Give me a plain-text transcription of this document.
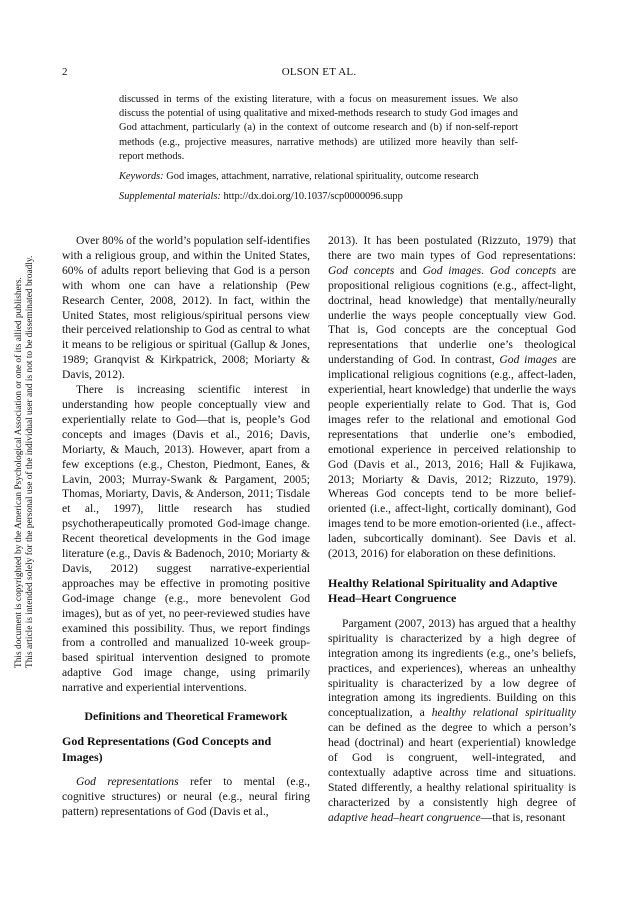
2	OLSON ET AL.
This document is copyrighted by the American Psychological Association or one of its allied publishers. This article is intended solely for the personal use of the individual user and is not to be disseminated broadly.

discussed in terms of the existing literature, with a focus on measurement issues. We also discuss the potential of using qualitative and mixed-methods research to study God images and God attachment, particularly (a) in the context of outcome research and (b) if non-self-report methods (e.g., projective measures, narrative methods) are utilized more heavily than self-report methods.

Keywords: God images, attachment, narrative, relational spirituality, outcome research

Supplemental materials: http://dx.doi.org/10.1037/scp0000096.supp

Over 80% of the world’s population self-identifies with a religious group, and within the United States, 60% of adults report believing that God is a person with whom one can have a relationship (Pew Research Center, 2008, 2012). In fact, within the United States, most religious/spiritual persons view their perceived relationship to God as central to what it means to be religious or spiritual (Gallup & Jones, 1989; Granqvist & Kirkpatrick, 2008; Moriarty & Davis, 2012).

There is increasing scientific interest in understanding how people conceptually view and experientially relate to God—that is, people’s God concepts and images (Davis et al., 2016; Davis, Moriarty, & Mauch, 2013). However, apart from a few exceptions (e.g., Cheston, Piedmont, Eanes, & Lavin, 2003; Murray-Swank & Pargament, 2005; Thomas, Moriarty, Davis, & Anderson, 2011; Tisdale et al., 1997), little research has studied psychotherapeutically promoted God-image change. Recent theoretical developments in the God image literature (e.g., Davis & Badenoch, 2010; Moriarty & Davis, 2012) suggest narrative-experiential approaches may be effective in promoting positive God-image change (e.g., more benevolent God images), but as of yet, no peer-reviewed studies have examined this possibility. Thus, we report findings from a controlled and manualized 10-week group-based spiritual intervention designed to promote adaptive God image change, using primarily narrative and experiential interventions.

Definitions and Theoretical Framework
God Representations (God Concepts and Images)

God representations refer to mental (e.g., cognitive structures) or neural (e.g., neural firing pattern) representations of God (Davis et al.,

2013). It has been postulated (Rizzuto, 1979) that there are two main types of God representations: God concepts and God images. God concepts are propositional religious cognitions (e.g., affect-light, doctrinal, head knowledge) that mentally/neurally underlie the ways people conceptually view God. That is, God concepts are the conceptual God representations that underlie one’s theological understanding of God. In contrast, God images are implicational religious cognitions (e.g., affect-laden, experiential, heart knowledge) that underlie the ways people experientially relate to God. That is, God images refer to the relational and emotional God representations that underlie one’s embodied, emotional experience in perceived relationship to God (Davis et al., 2013, 2016; Hall & Fujikawa, 2013; Moriarty & Davis, 2012; Rizzuto, 1979). Whereas God concepts tend to be more belief-oriented (i.e., affect-light, cortically dominant), God images tend to be more emotion-oriented (i.e., affect-laden, subcortically dominant). See Davis et al. (2013, 2016) for elaboration on these definitions.

Healthy Relational Spirituality and Adaptive Head–Heart Congruence

Pargament (2007, 2013) has argued that a healthy spirituality is characterized by a high degree of integration among its ingredients (e.g., one’s beliefs, practices, and experiences), whereas an unhealthy spirituality is characterized by a low degree of integration among its ingredients. Building on this conceptualization, a healthy relational spirituality can be defined as the degree to which a person’s head (doctrinal) and heart (experiential) knowledge of God is congruent, well-integrated, and contextually adaptive across time and situations. Stated differently, a healthy relational spirituality is characterized by a consistently high degree of adaptive head–heart congruence—that is, resonant
